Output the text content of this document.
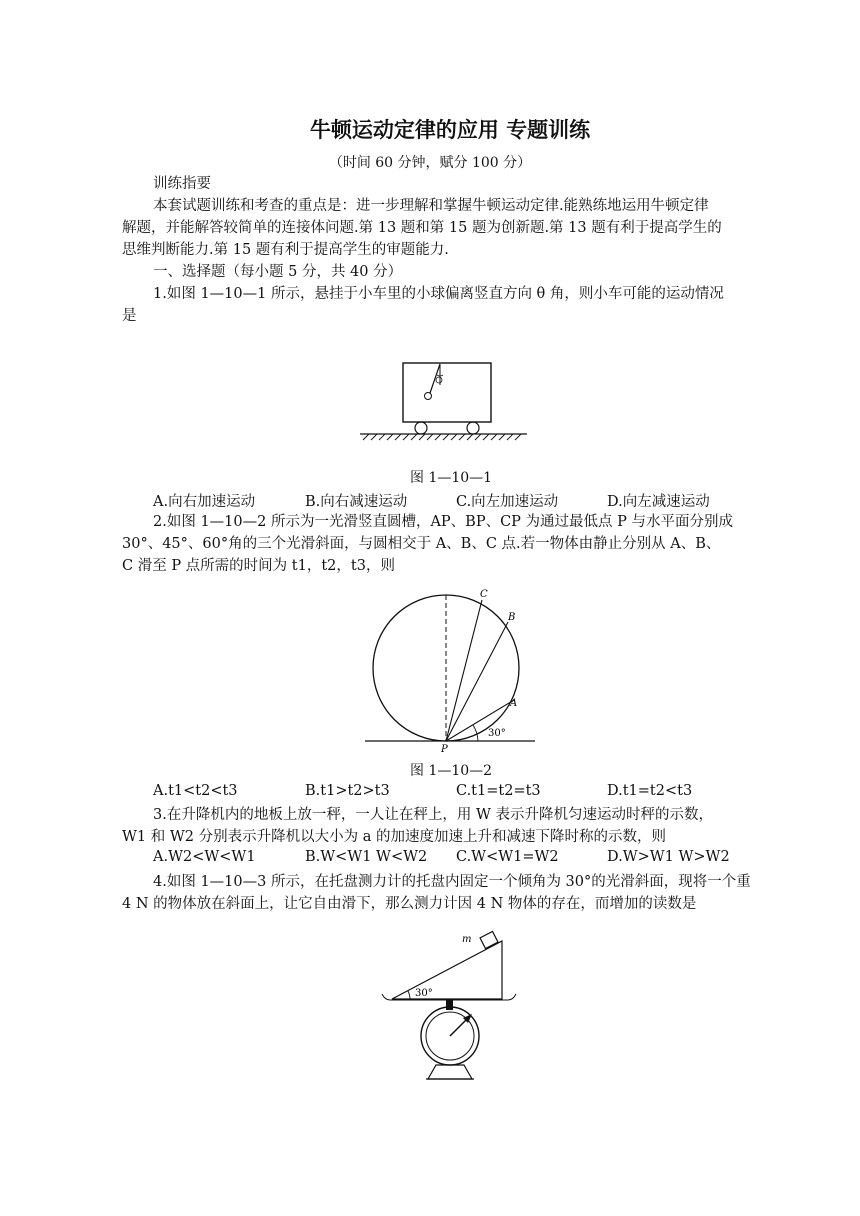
牛顿运动定律的应用 专题训练
（时间 60 分钟，赋分 100 分）
训练指要
本套试题训练和考查的重点是：进一步理解和掌握牛顿运动定律.能熟练地运用牛顿定律
解题，并能解答较简单的连接体问题.第 13 题和第 15 题为创新题.第 13 题有利于提高学生的
思维判断能力.第 15 题有利于提高学生的审题能力.
一、选择题（每小题 5 分，共 40 分）
1.如图 1—10—1 所示，悬挂于小车里的小球偏离竖直方向 θ 角，则小车可能的运动情况
是
图 1—10—1
A.向右加速运动	B.向右减速运动	C.向左加速运动	D.向左减速运动
2.如图 1—10—2 所示为一光滑竖直圆槽，AP、BP、CP 为通过最低点 P 与水平面分别成
30°、45°、60°角的三个光滑斜面，与圆相交于 A、B、C 点.若一物体由静止分别从 A、B、
C 滑至 P 点所需的时间为 t1，t2，t3，则
C
B
A
P
30°
图 1—10—2
A.t1<t2<t3	B.t1>t2>t3	C.t1=t2=t3	D.t1=t2<t3
3.在升降机内的地板上放一秤，一人让在秤上，用 W 表示升降机匀速运动时秤的示数，
W1 和 W2 分别表示升降机以大小为 a 的加速度加速上升和减速下降时称的示数，则
A.W2<W<W1	B.W<W1 W<W2 C.W<W1=W2	D.W>W1 W>W2
4.如图 1—10—3 所示，在托盘测力计的托盘内固定一个倾角为 30°的光滑斜面，现将一个重
4 N 的物体放在斜面上，让它自由滑下，那么测力计因 4 N 物体的存在，而增加的读数是
m
30°
